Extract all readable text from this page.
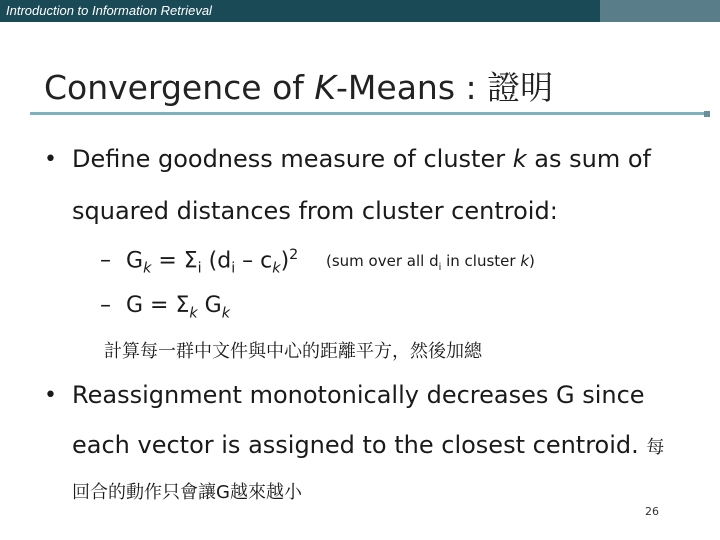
Introduction to Information Retrieval
Convergence of K-Means : 證明
• Define goodness measure of cluster k as sum of
squared distances from cluster centroid:
– $G_k = \Sigma_i$ $(d_i - c_k)^2$ (sum over all $d_i$ in cluster k)
– $G = \Sigma_k$ $G_k$
計算每一群中文件與中心的距離平方，然後加總
• Reassignment monotonically decreases G since
each vector is assigned to the closest centroid. 每
回合的動作只會讓G越來越小
26
